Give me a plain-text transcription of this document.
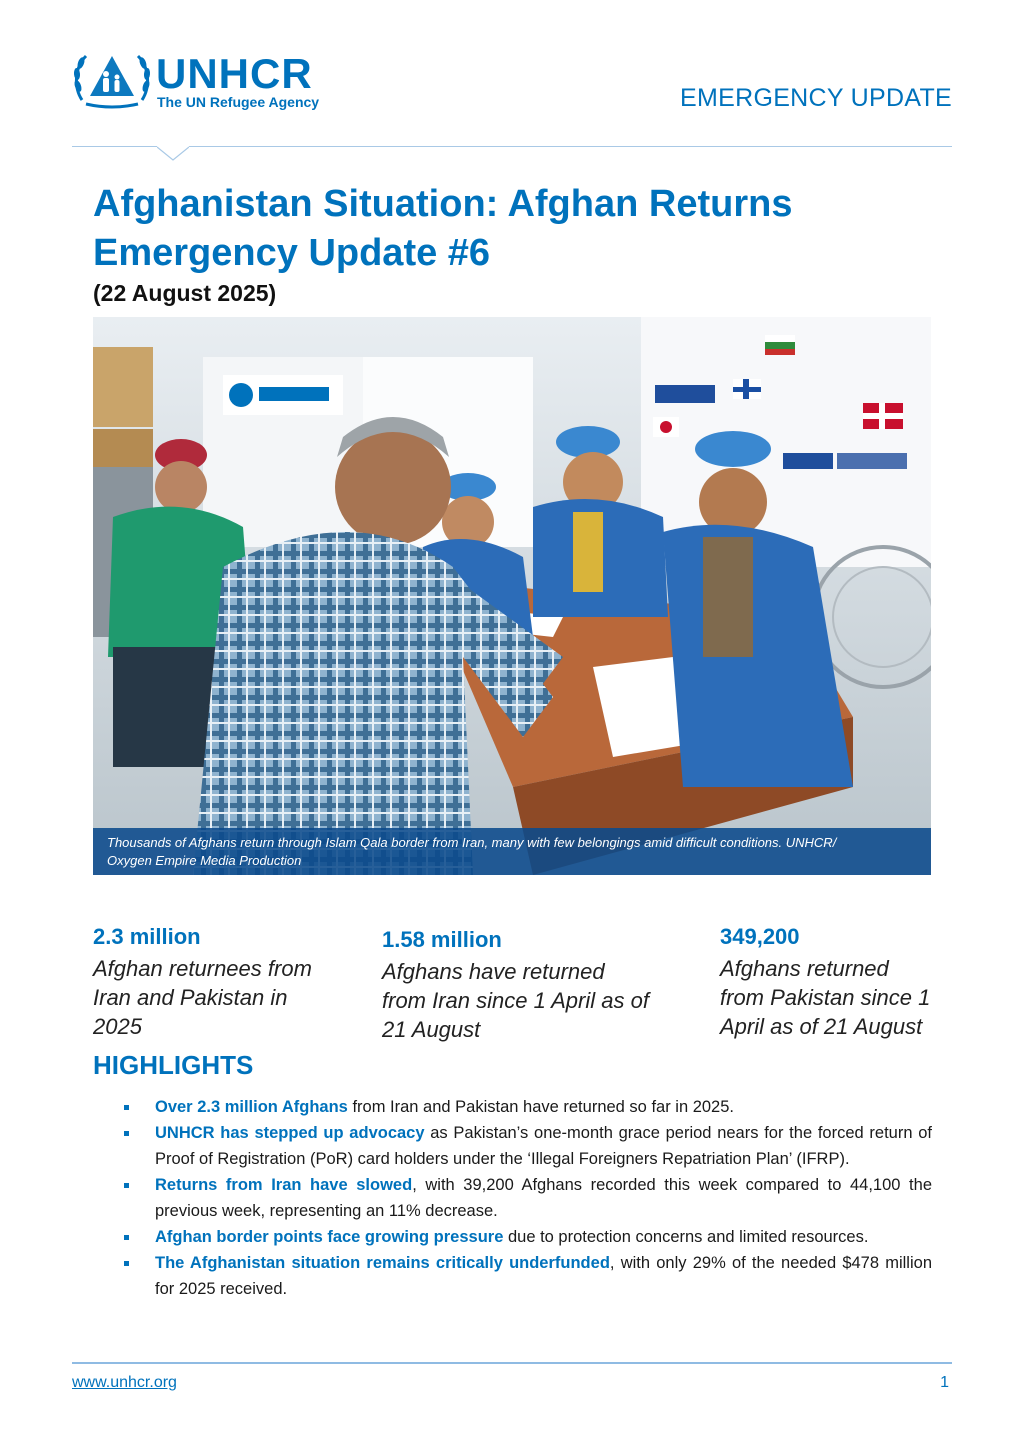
UNHCR
The UN Refugee Agency	EMERGENCY UPDATE
Afghanistan Situation: Afghan Returns
Emergency Update #6
(22 August 2025)
Thousands of Afghans return through Islam Qala border from Iran, many with few belongings amid difficult conditions. UNHCR/
Oxygen Empire Media Production
2.3 million
Afghan returnees from
Iran and Pakistan in
2025
1.58 million
Afghans have returned
from Iran since 1 April as of
21 August
349,200
Afghans returned
from Pakistan since 1
April as of 21 August
HIGHLIGHTS
Over 2.3 million Afghans from Iran and Pakistan have returned so far in 2025.
UNHCR has stepped up advocacy as Pakistan’s one-month grace period nears for the forced return of Proof of Registration (PoR) card holders under the ‘Illegal Foreigners Repatriation Plan’ (IFRP).
Returns from Iran have slowed, with 39,200 Afghans recorded this week compared to 44,100 the previous week, representing an 11% decrease.
Afghan border points face growing pressure due to protection concerns and limited resources.
The Afghanistan situation remains critically underfunded, with only 29% of the needed $478 million for 2025 received.
www.unhcr.org	1
